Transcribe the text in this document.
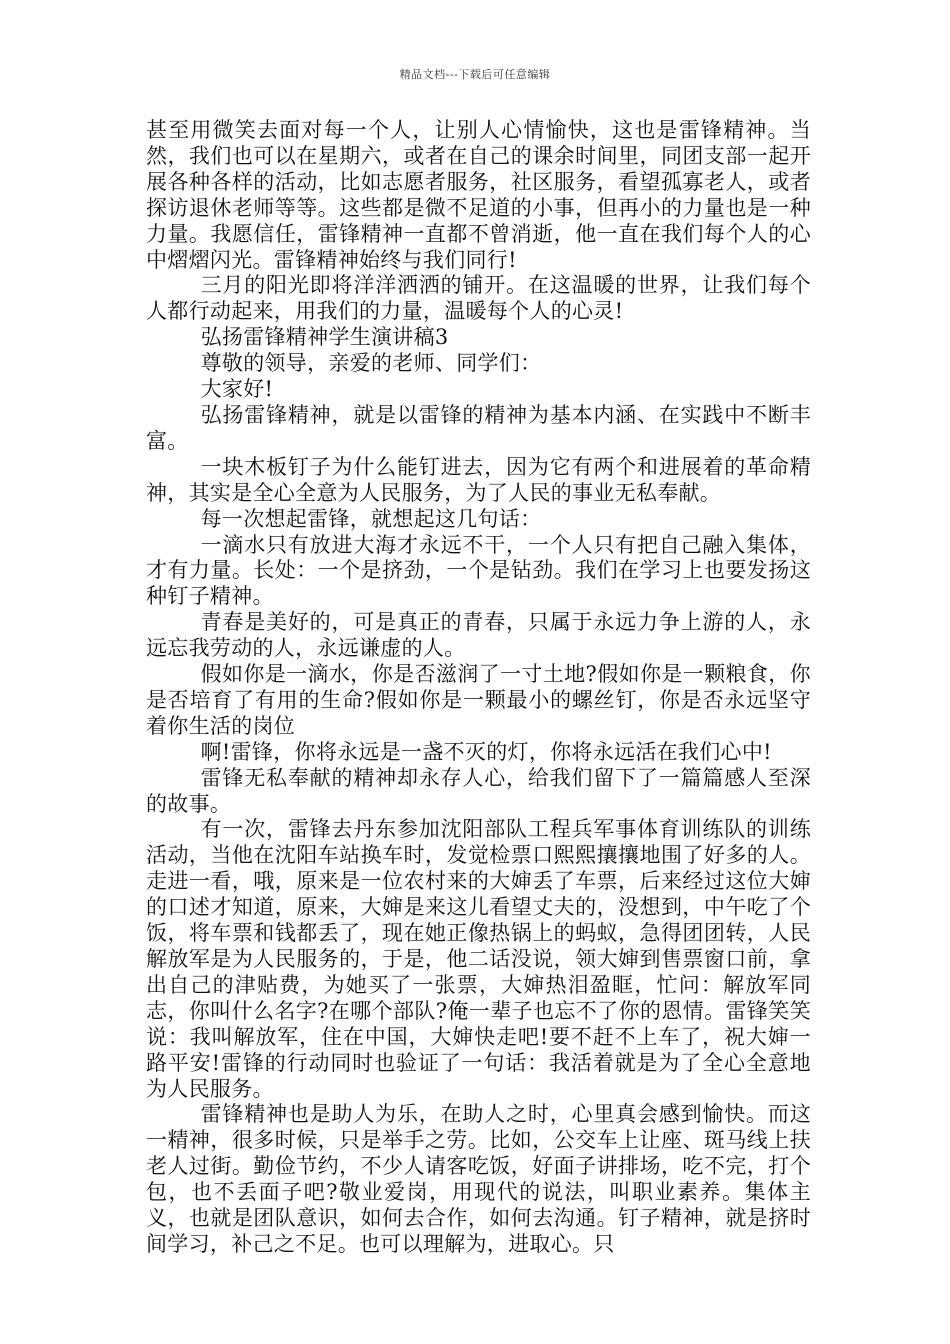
精品文档---下载后可任意编辑

甚至用微笑去面对每一个人，让别人心情愉快，这也是雷锋精神。当然，我们也可以在星期六，或者在自己的课余时间里，同团支部一起开展各种各样的活动，比如志愿者服务，社区服务，看望孤寡老人，或者探访退休老师等等。这些都是微不足道的小事，但再小的力量也是一种力量。我愿信任，雷锋精神一直都不曾消逝，他一直在我们每个人的心中熠熠闪光。雷锋精神始终与我们同行!

三月的阳光即将洋洋洒洒的铺开。在这温暖的世界，让我们每个人都行动起来，用我们的力量，温暖每个人的心灵!

弘扬雷锋精神学生演讲稿3

尊敬的领导，亲爱的老师、同学们：

大家好!

弘扬雷锋精神，就是以雷锋的精神为基本内涵、在实践中不断丰富。

一块木板钉子为什么能钉进去，因为它有两个和进展着的革命精神，其实是全心全意为人民服务，为了人民的事业无私奉献。

每一次想起雷锋，就想起这几句话：

一滴水只有放进大海才永远不干，一个人只有把自己融入集体，才有力量。长处：一个是挤劲，一个是钻劲。我们在学习上也要发扬这种钉子精神。

青春是美好的，可是真正的青春，只属于永远力争上游的人，永远忘我劳动的人，永远谦虚的人。

假如你是一滴水，你是否滋润了一寸土地?假如你是一颗粮食，你是否培育了有用的生命?假如你是一颗最小的螺丝钉，你是否永远坚守着你生活的岗位

啊!雷锋，你将永远是一盏不灭的灯，你将永远活在我们心中!

雷锋无私奉献的精神却永存人心，给我们留下了一篇篇感人至深的故事。

有一次，雷锋去丹东参加沈阳部队工程兵军事体育训练队的训练活动，当他在沈阳车站换车时，发觉检票口熙熙攘攘地围了好多的人。走进一看，哦，原来是一位农村来的大婶丢了车票，后来经过这位大婶的口述才知道，原来，大婶是来这儿看望丈夫的，没想到，中午吃了个饭，将车票和钱都丢了，现在她正像热锅上的蚂蚁，急得团团转，人民解放军是为人民服务的，于是，他二话没说，领大婶到售票窗口前，拿出自己的津贴费，为她买了一张票，大婶热泪盈眶，忙问：解放军同志，你叫什么名字?在哪个部队?俺一辈子也忘不了你的恩情。雷锋笑笑说：我叫解放军，住在中国，大婶快走吧!要不赶不上车了，祝大婶一路平安!雷锋的行动同时也验证了一句话：我活着就是为了全心全意地为人民服务。

雷锋精神也是助人为乐，在助人之时，心里真会感到愉快。而这一精神，很多时候，只是举手之劳。比如，公交车上让座、斑马线上扶老人过街。勤俭节约，不少人请客吃饭，好面子讲排场，吃不完，打个包，也不丢面子吧?敬业爱岗，用现代的说法，叫职业素养。集体主义，也就是团队意识，如何去合作，如何去沟通。钉子精神，就是挤时间学习，补己之不足。也可以理解为，进取心。只
